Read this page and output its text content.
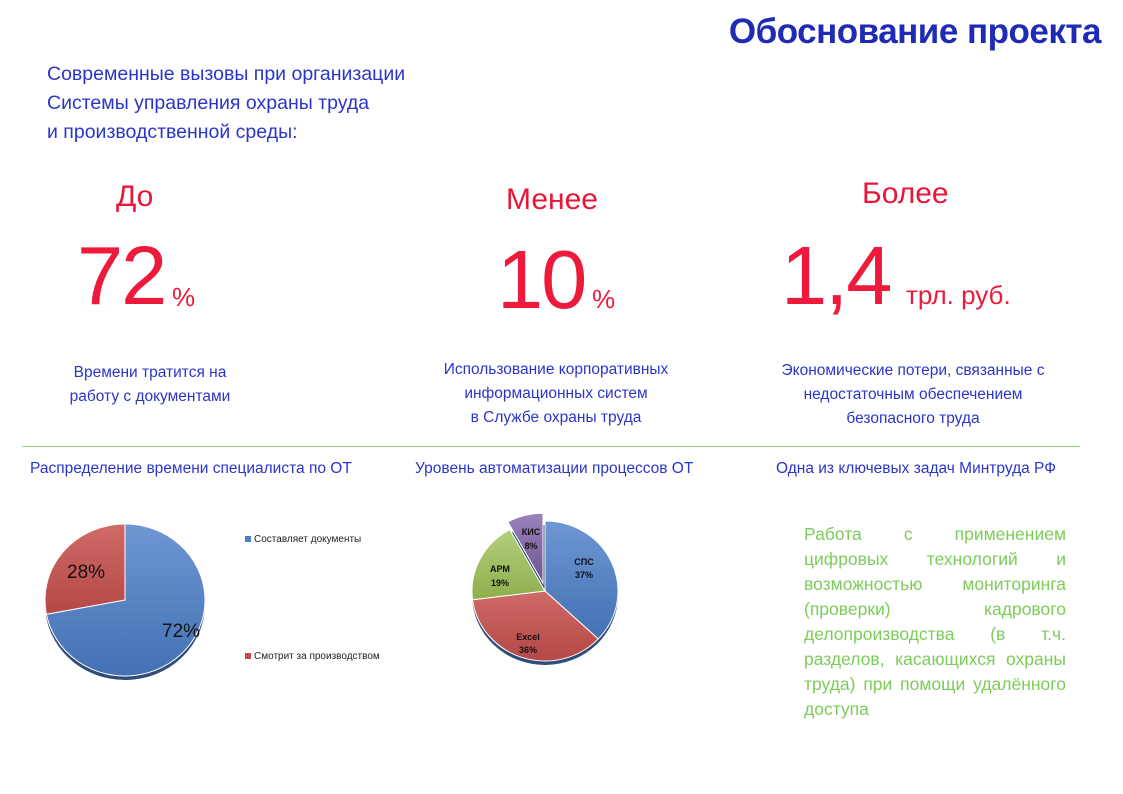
Обоснование проекта
Современные вызовы при организации
Системы управления охраны труда
и производственной среды:
До
72 %
Времени тратится на
работу с документами
Менее
10 %
Использование корпоративных
информационных систем
в Службе охраны труда
Более
1,4 трл. руб.
Экономические потери, связанные с
недостаточным обеспечением
безопасного труда
Распределение времени специалиста по ОТ	Уровень автоматизации процессов ОТ	Одна из ключевых задач Минтруда РФ
72%
28%
Составляет документы
Смотрит за производством
СПС
37%
Excel
36%
АРМ
19%
КИС
8%
Работа с применением цифровых технологий и возможностью мониторинга (проверки) кадрового делопроизводства (в т.ч. разделов, касающихся охраны труда) при помощи удалённого доступа
